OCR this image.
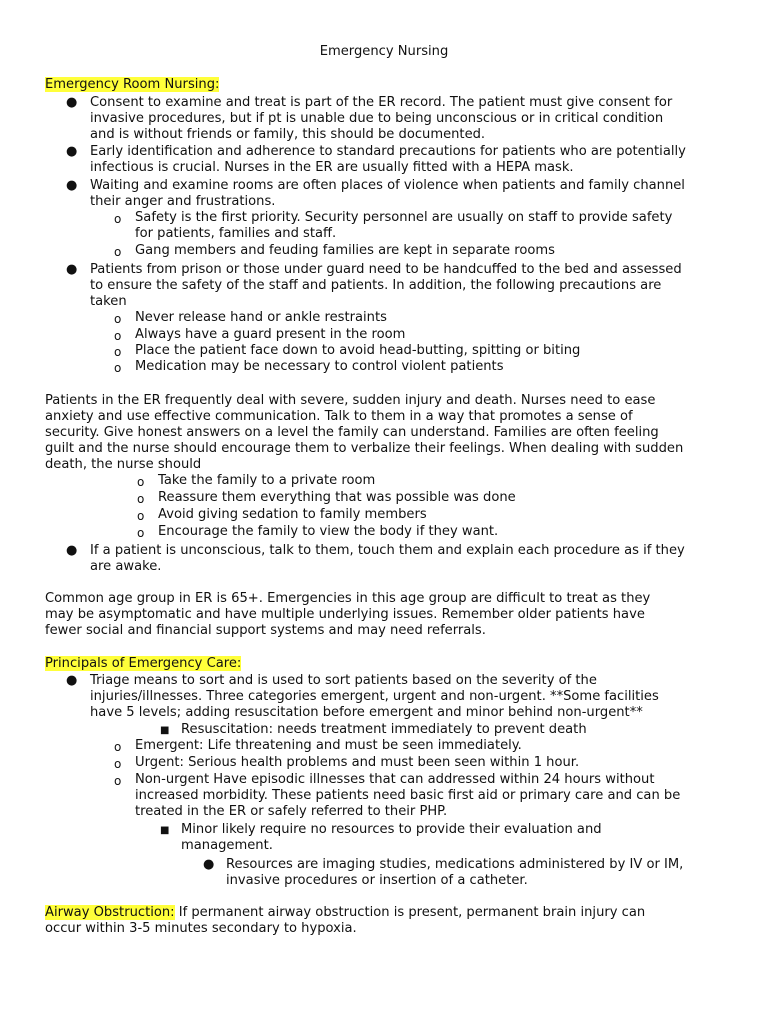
Emergency Nursing
Emergency Room Nursing:
● Consent to examine and treat is part of the ER record. The patient must give consent for
invasive procedures, but if pt is unable due to being unconscious or in critical condition
and is without friends or family, this should be documented.
● Early identification and adherence to standard precautions for patients who are potentially
infectious is crucial. Nurses in the ER are usually fitted with a HEPA mask.
● Waiting and examine rooms are often places of violence when patients and family channel
their anger and frustrations.
o Safety is the first priority. Security personnel are usually on staff to provide safety
for patients, families and staff.
o Gang members and feuding families are kept in separate rooms
● Patients from prison or those under guard need to be handcuffed to the bed and assessed
to ensure the safety of the staff and patients. In addition, the following precautions are
taken
o Never release hand or ankle restraints
o Always have a guard present in the room
o Place the patient face down to avoid head-butting, spitting or biting
o Medication may be necessary to control violent patients
Patients in the ER frequently deal with severe, sudden injury and death. Nurses need to ease
anxiety and use effective communication. Talk to them in a way that promotes a sense of
security. Give honest answers on a level the family can understand. Families are often feeling
guilt and the nurse should encourage them to verbalize their feelings. When dealing with sudden
death, the nurse should
o Take the family to a private room
o Reassure them everything that was possible was done
o Avoid giving sedation to family members
o Encourage the family to view the body if they want.
● If a patient is unconscious, talk to them, touch them and explain each procedure as if they
are awake.
Common age group in ER is 65+. Emergencies in this age group are difficult to treat as they
may be asymptomatic and have multiple underlying issues. Remember older patients have
fewer social and financial support systems and may need referrals.
Principals of Emergency Care:
● Triage means to sort and is used to sort patients based on the severity of the
injuries/illnesses. Three categories emergent, urgent and non-urgent. **Some facilities
have 5 levels; adding resuscitation before emergent and minor behind non-urgent**
■ Resuscitation: needs treatment immediately to prevent death
o Emergent: Life threatening and must be seen immediately.
o Urgent: Serious health problems and must been seen within 1 hour.
o Non-urgent Have episodic illnesses that can addressed within 24 hours without
increased morbidity. These patients need basic first aid or primary care and can be
treated in the ER or safely referred to their PHP.
■ Minor likely require no resources to provide their evaluation and
management.
● Resources are imaging studies, medications administered by IV or IM,
invasive procedures or insertion of a catheter.
Airway Obstruction: If permanent airway obstruction is present, permanent brain injury can
occur within 3-5 minutes secondary to hypoxia.
